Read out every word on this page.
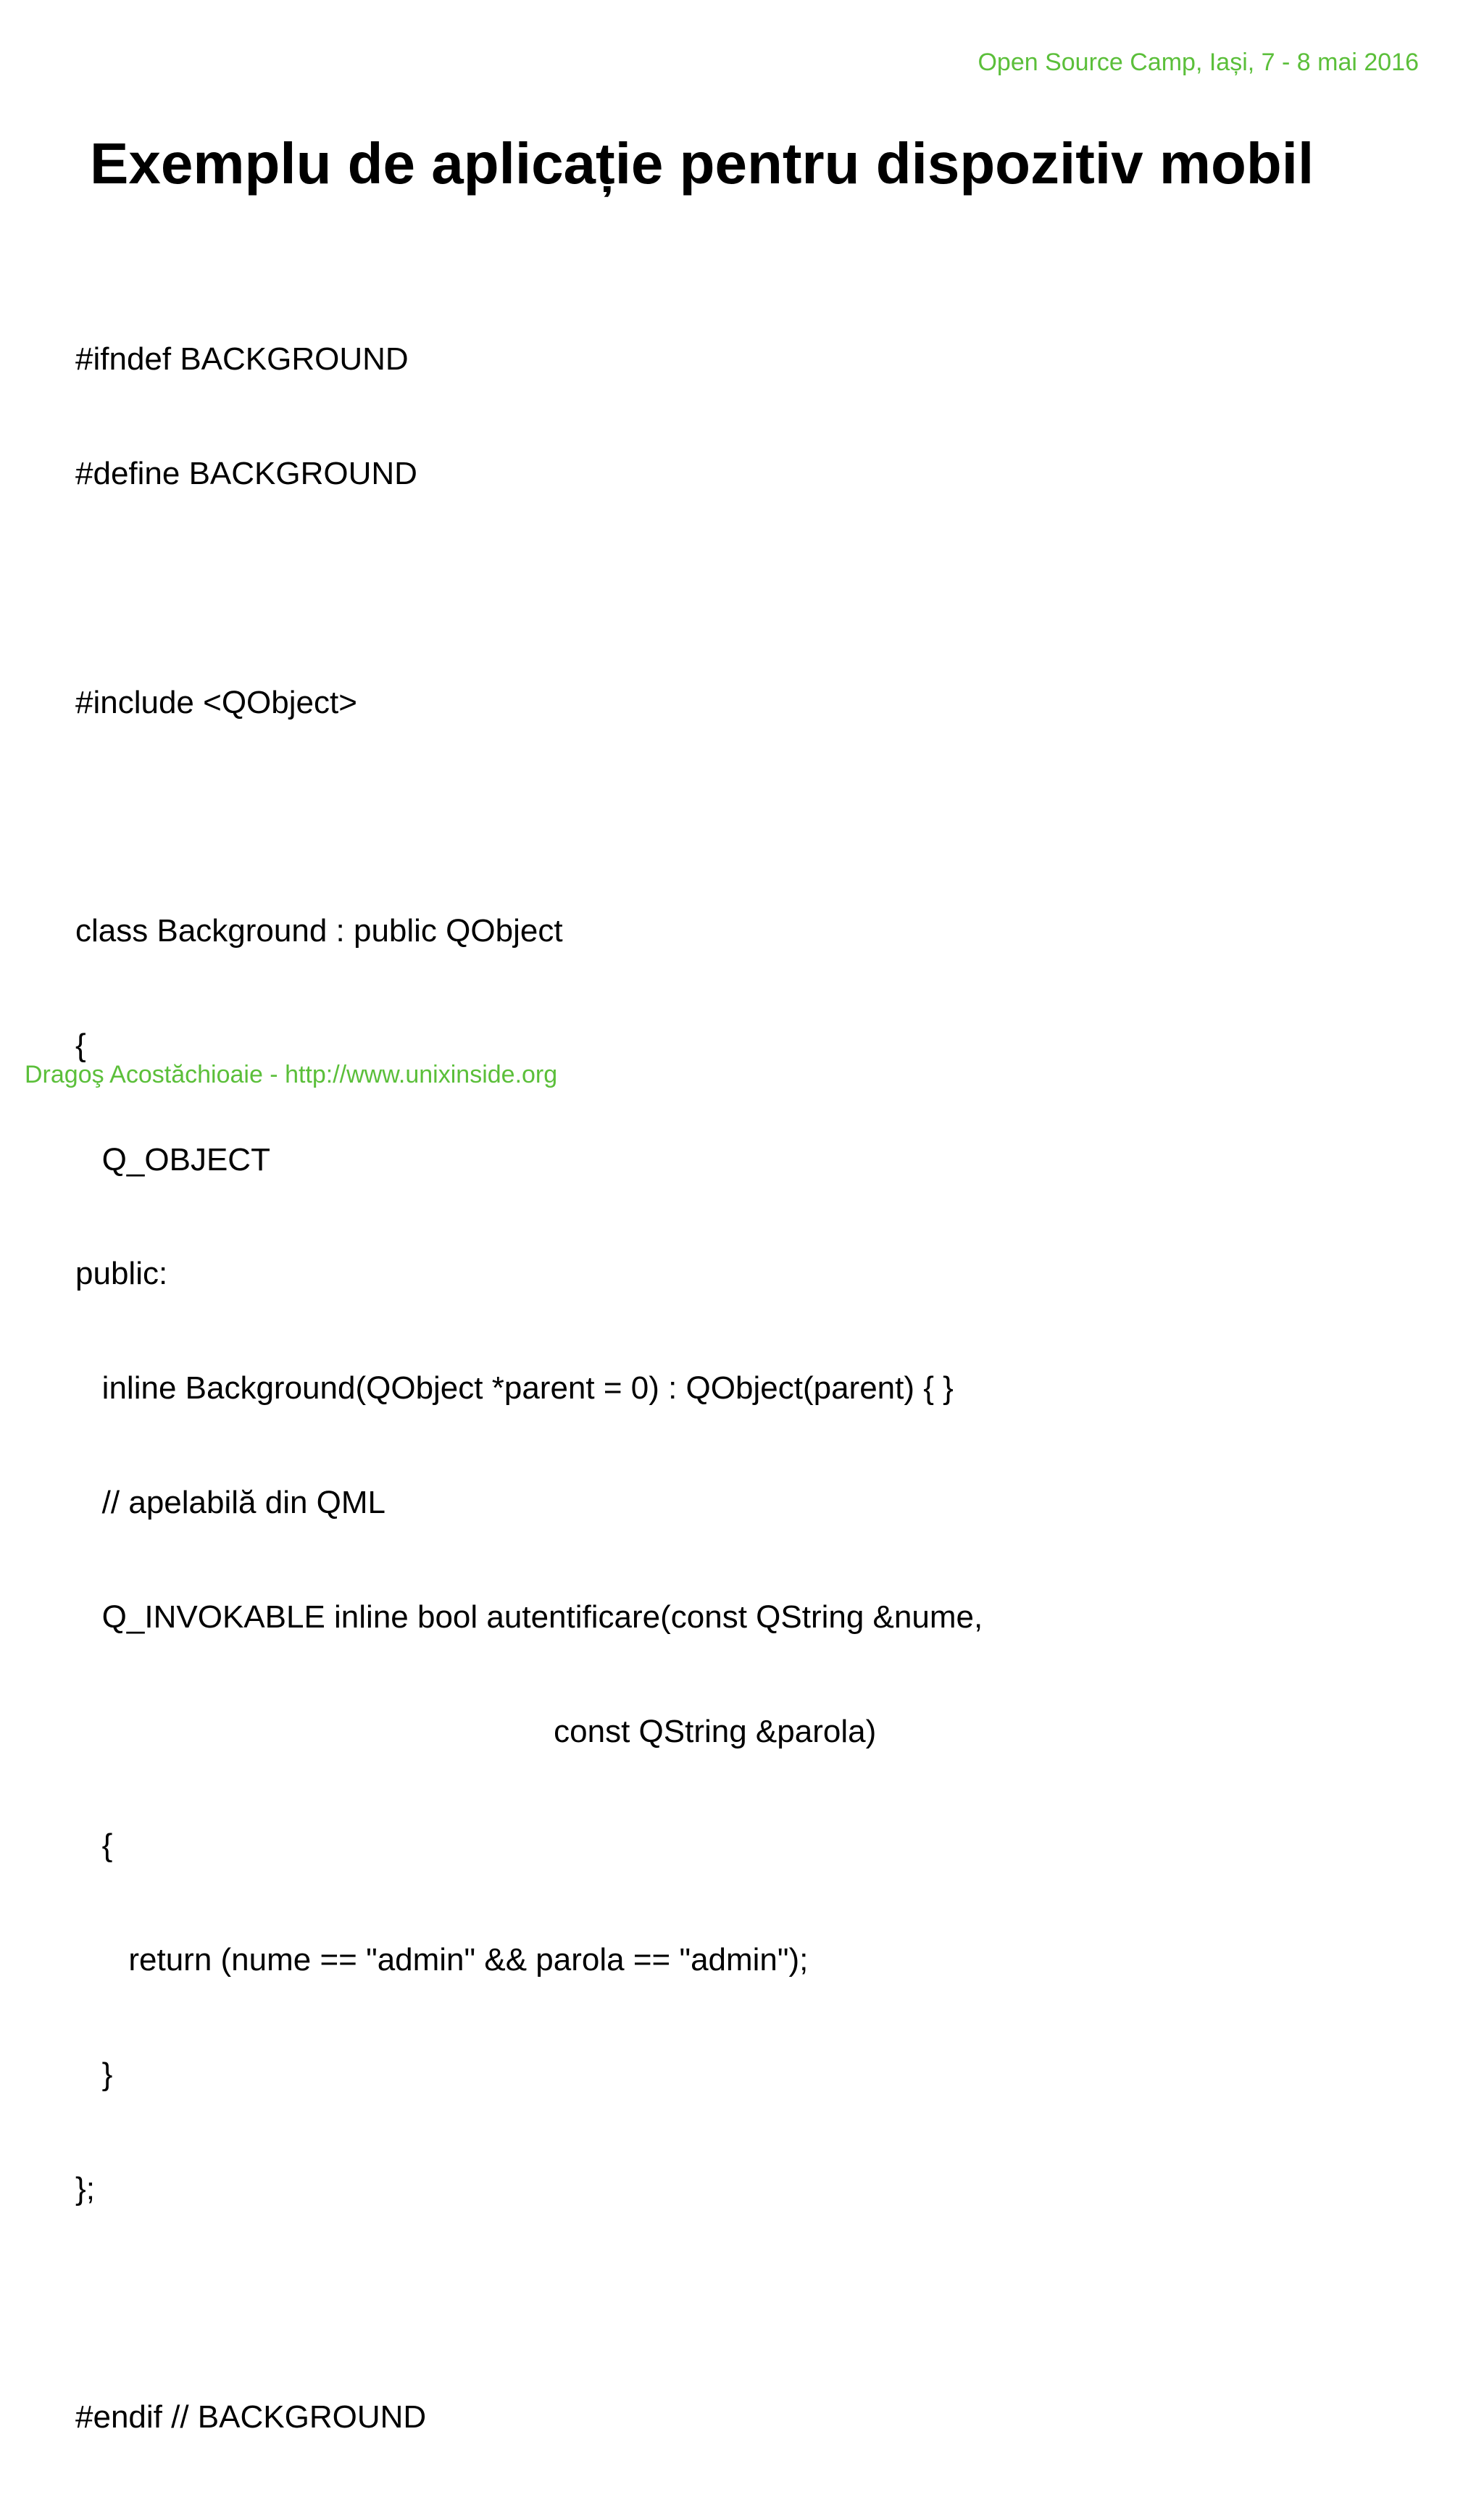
Open Source Camp, Iași, 7 - 8 mai 2016
Exemplu de aplicație pentru dispozitiv mobil

#ifndef BACKGROUND

#define BACKGROUND

#include <QObject>

class Background : public QObject

{

Q_OBJECT

public:

inline Background(QObject *parent = 0) : QObject(parent) { }

// apelabilă din QML

Q_INVOKABLE inline bool autentificare(const QString &nume,

const QString &parola)

{

return (nume == "admin" && parola == "admin");

}

};

#endif // BACKGROUND

Dragoş Acostăchioaie - http://www.unixinside.org
